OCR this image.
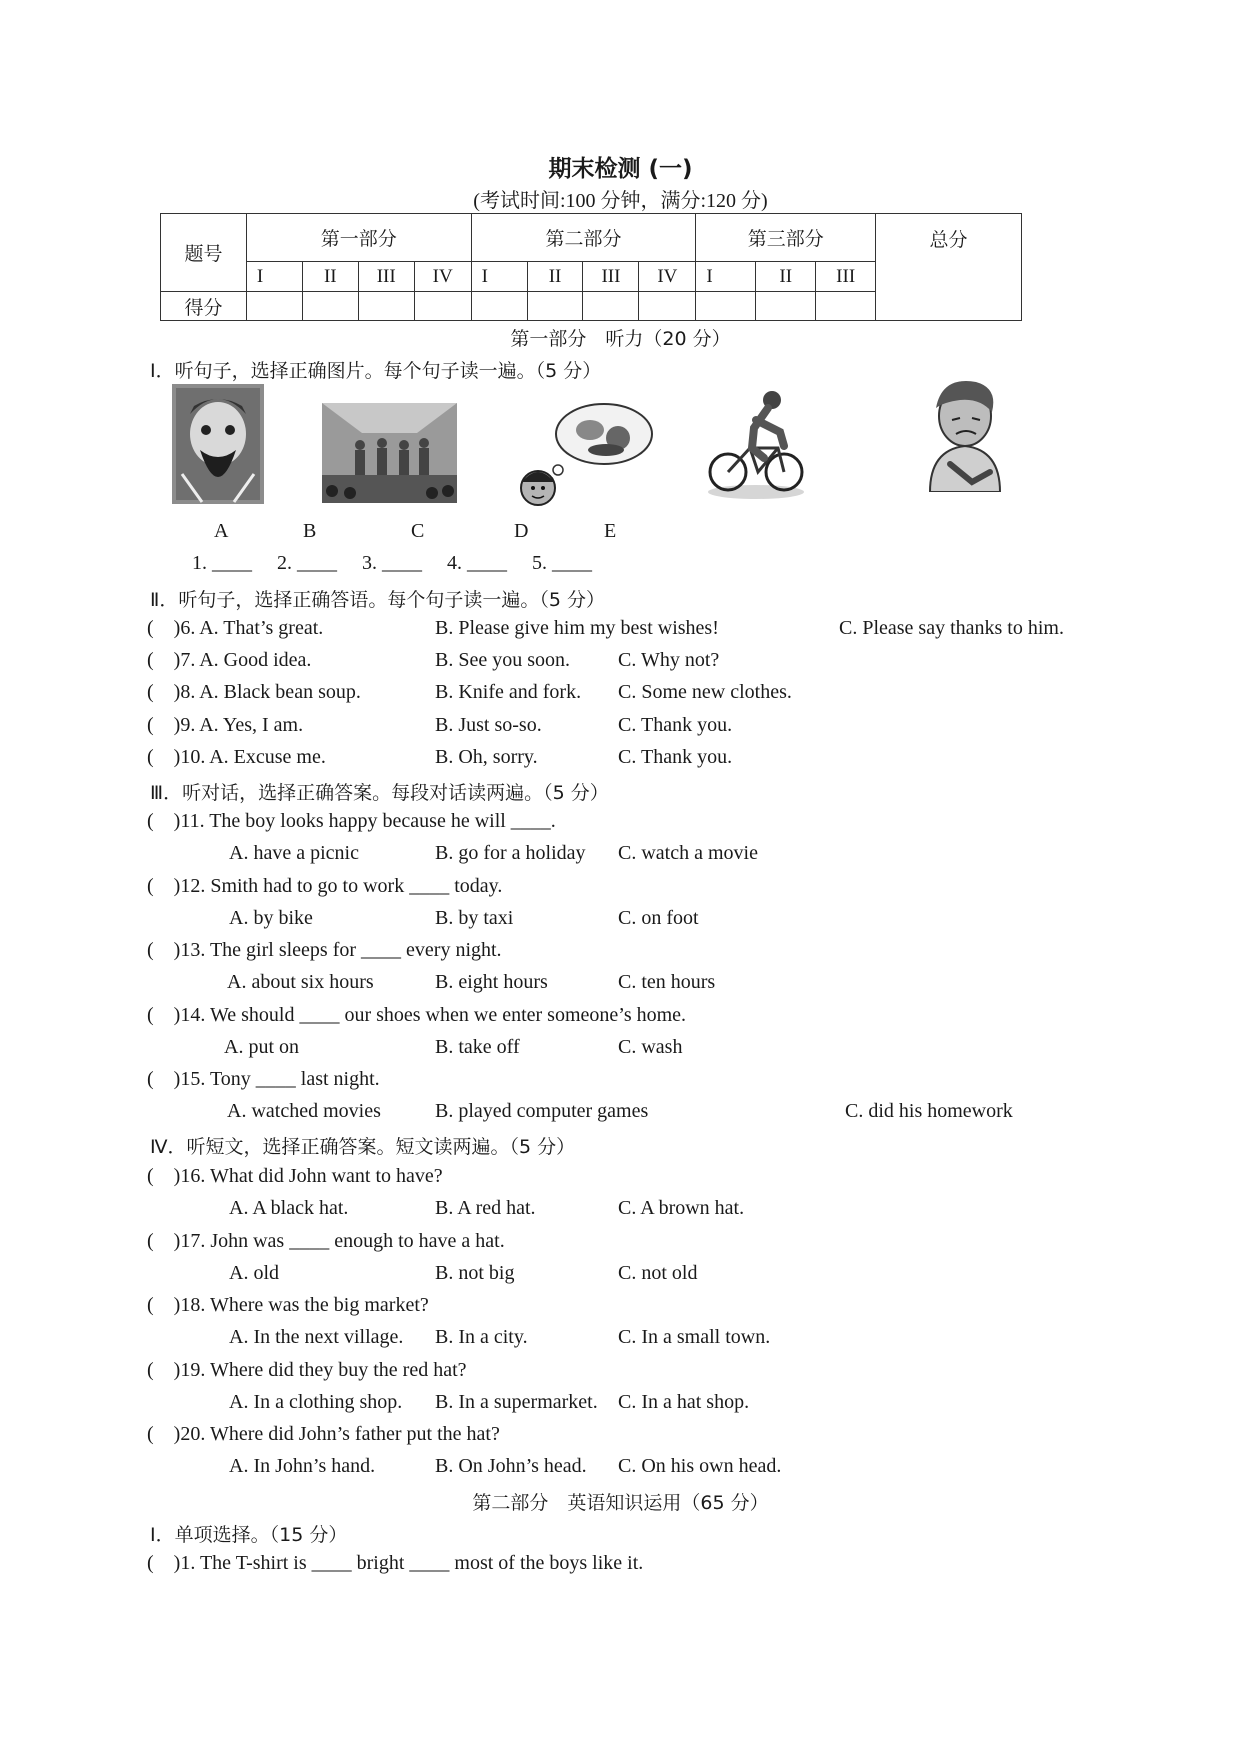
期末检测 (一)
(考试时间:100 分钟，满分:120 分)
题号	第一部分				第二部分				第三部分			总分
	I	II	III	IV	I	II	III	IV	I	II	III	
得分												
第一部分　听力（20 分）
Ⅰ．听句子，选择正确图片。每个句子读一遍。（5 分）
A	B	C	D	E
1. ____     2. ____     3. ____     4. ____     5. ____
Ⅱ．听句子，选择正确答语。每个句子读一遍。（5 分）
(    )6. A. That’s great.	B. Please give him my best wishes!	C. Please say thanks to him.
(    )7. A. Good idea.	B. See you soon. C. Why not?
(    )8. A. Black bean soup.	B. Knife and fork. C. Some new clothes.
(    )9. A. Yes, I am.	B. Just so-so.	C. Thank you.
(    )10. A. Excuse me.	B. Oh, sorry.	C. Thank you.
Ⅲ．听对话，选择正确答案。每段对话读两遍。（5 分）
(    )11. The boy looks happy because he will ____.
A. have a picnic	B. go for a holiday C. watch a movie
(    )12. Smith had to go to work ____ today.
A. by bike	B. by taxi	C. on foot
(    )13. The girl sleeps for ____ every night.
A. about six hours	B. eight hours	C. ten hours
(    )14. We should ____ our shoes when we enter someone’s home.
A. put on	B. take off	C. wash
(    )15. Tony ____ last night.
A. watched movies	B. played computer games	C. did his homework
Ⅳ．听短文，选择正确答案。短文读两遍。（5 分）
(    )16. What did John want to have?
A. A black hat.	B. A red hat.	C. A brown hat.
(    )17. John was ____ enough to have a hat.
A. old	B. not big	C. not old
(    )18. Where was the big market?
A. In the next village. B. In a city.	C. In a small town.
(    )19. Where did they buy the red hat?
A. In a clothing shop. B. In a supermarket. C. In a hat shop.
(    )20. Where did John’s father put the hat?
A. In John’s hand.	B. On John’s head. C. On his own head.
第二部分　英语知识运用（65 分）
Ⅰ．单项选择。（15 分）
(    )1. The T-shirt is ____ bright ____ most of the boys like it.
